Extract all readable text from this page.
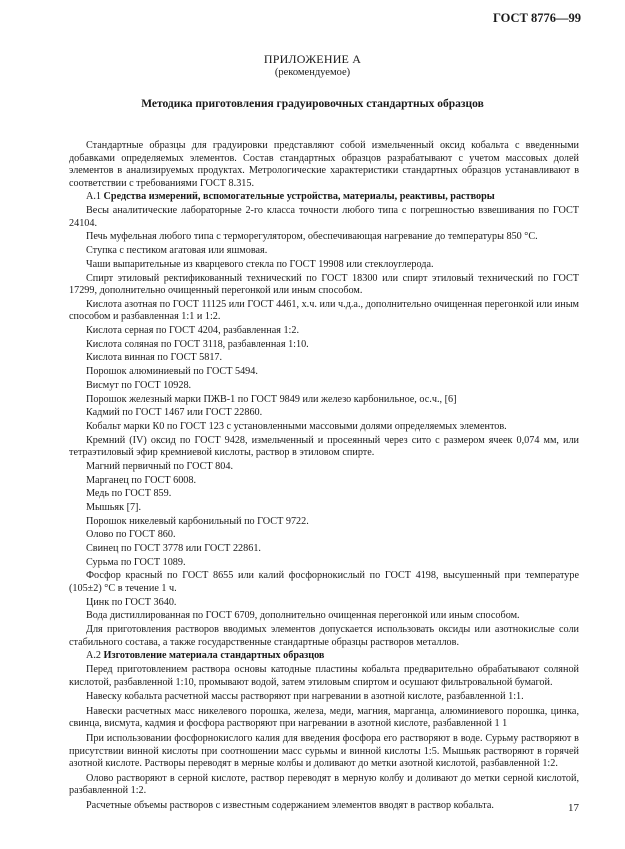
ГОСТ 8776—99
ПРИЛОЖЕНИЕ А
(рекомендуемое)
Методика приготовления градуировочных стандартных образцов

Стандартные образцы для градуировки представляют собой измельченный оксид кобальта с введенными добавками определяемых элементов. Состав стандартных образцов разрабатывают с учетом массовых долей элементов в анализируемых продуктах. Метрологические характеристики стандартных образцов устанавливают в соответствии с требованиями ГОСТ 8.315.

А.1 Средства измерений, вспомогательные устройства, материалы, реактивы, растворы

Весы аналитические лабораторные 2-го класса точности любого типа с погрешностью взвешивания по ГОСТ 24104.

Печь муфельная любого типа с терморегулятором, обеспечивающая нагревание до температуры 850 °С.

Ступка с пестиком агатовая или яшмовая.

Чаши выпарительные из кварцевого стекла по ГОСТ 19908 или стеклоуглерода.

Спирт этиловый ректификованный технический по ГОСТ 18300 или спирт этиловый технический по ГОСТ 17299, дополнительно очищенный перегонкой или иным способом.

Кислота азотная по ГОСТ 11125 или ГОСТ 4461, х.ч. или ч.д.а., дополнительно очищенная перегонкой или иным способом и разбавленная 1:1 и 1:2.

Кислота серная по ГОСТ 4204, разбавленная 1:2.

Кислота соляная по ГОСТ 3118, разбавленная 1:10.

Кислота винная по ГОСТ 5817.

Порошок алюминиевый по ГОСТ 5494.

Висмут по ГОСТ 10928.

Порошок железный марки ПЖВ-1 по ГОСТ 9849 или железо карбонильное, ос.ч., [6]

Кадмий по ГОСТ 1467 или ГОСТ 22860.

Кобальт марки К0 по ГОСТ 123 с установленными массовыми долями определяемых элементов.

Кремний (IV) оксид по ГОСТ 9428, измельченный и просеянный через сито с размером ячеек 0,074 мм, или тетраэтиловый эфир кремниевой кислоты, раствор в этиловом спирте.

Магний первичный по ГОСТ 804.

Марганец по ГОСТ 6008.

Медь по ГОСТ 859.

Мышьяк [7].

Порошок никелевый карбонильный по ГОСТ 9722.

Олово по ГОСТ 860.

Свинец по ГОСТ 3778 или ГОСТ 22861.

Сурьма по ГОСТ 1089.

Фосфор красный по ГОСТ 8655 или калий фосфорнокислый по ГОСТ 4198, высушенный при температуре (105±2) °С в течение 1 ч.

Цинк по ГОСТ 3640.

Вода дистиллированная по ГОСТ 6709, дополнительно очищенная перегонкой или иным способом.

Для приготовления растворов вводимых элементов допускается использовать оксиды или азотнокислые соли стабильного состава, а также государственные стандартные образцы растворов металлов.

А.2 Изготовление материала стандартных образцов

Перед приготовлением раствора основы катодные пластины кобальта предварительно обрабатывают соляной кислотой, разбавленной 1:10, промывают водой, затем этиловым спиртом и осушают фильтровальной бумагой.

Навеску кобальта расчетной массы растворяют при нагревании в азотной кислоте, разбавленной 1:1.

Навески расчетных масс никелевого порошка, железа, меди, магния, марганца, алюминиевого порошка, цинка, свинца, висмута, кадмия и фосфора растворяют при нагревании в азотной кислоте, разбавленной 1 1

При использовании фосфорнокислого калия для введения фосфора его растворяют в воде. Сурьму растворяют в присутствии винной кислоты при соотношении масс сурьмы и винной кислоты 1:5. Мышьяк растворяют в горячей азотной кислоте. Растворы переводят в мерные колбы и доливают до метки азотной кислотой, разбавленной 1:2.

Олово растворяют в серной кислоте, раствор переводят в мерную колбу и доливают до метки серной кислотой, разбавленной 1:2.

Расчетные объемы растворов с известным содержанием элементов вводят в раствор кобальта.	17
